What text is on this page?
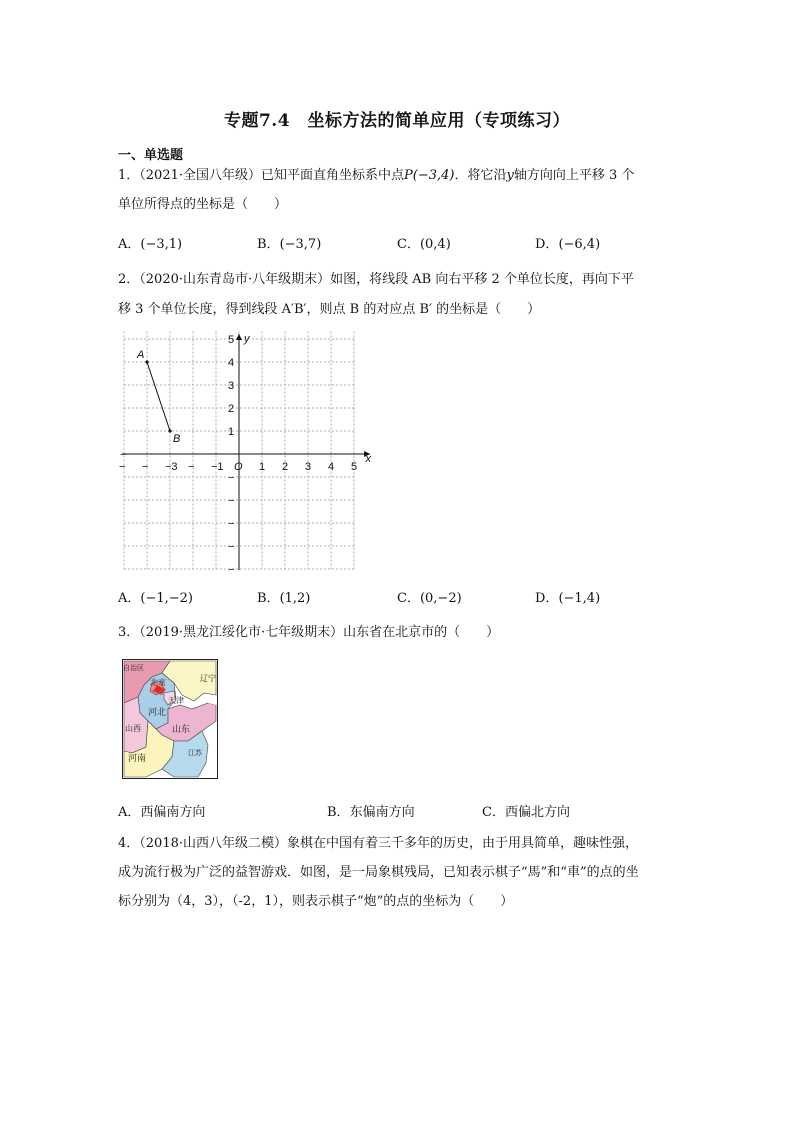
专题7.4　坐标方法的简单应用（专项练习）
一、单选题
1．（2021·全国八年级）已知平面直角坐标系中点P(−3,4)．将它沿y轴方向向上平移 3 个
单位所得点的坐标是（　　）
A．(−3,1)	B．(−3,7)	C．(0,4)	D．(−6,4)
2．（2020·山东青岛市·八年级期末）如图，将线段 AB 向右平移 2 个单位长度，再向下平
移 3 个单位长度，得到线段 A′B′，则点 B 的对应点 B′ 的坐标是（　　）
1 2 3 4 5
− − −3 − −1
−
1
2
3
4
5
−
−
−
−
−
O
x
y
A
B
A．(−1,−2)	B．(1,2)	C．(0,−2)	D．(−1,4)
3．（2019·黑龙江绥化市·七年级期末）山东省在北京市的（　　）
自治区
北京	辽宁
天津
河北
山西	山东
河南	江苏
A．西偏南方向	B．东偏南方向	C．西偏北方向
4．（2018·山西八年级二模）象棋在中国有着三千多年的历史，由于用具简单，趣味性强，
成为流行极为广泛的益智游戏．如图，是一局象棋残局，已知表示棋子“馬”和“車”的点的坐
标分别为（4，3），（-2，1），则表示棋子“炮”的点的坐标为（　　）
